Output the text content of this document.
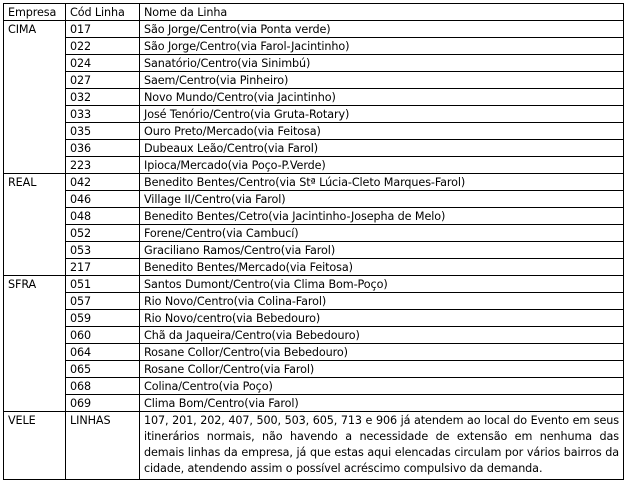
Empresa	Cód Linha	Nome da Linha
CIMA	017	São Jorge/Centro(via Ponta verde)
	022	São Jorge/Centro(via Farol-Jacintinho)
	024	Sanatório/Centro(via Sinimbú)
	027	Saem/Centro(via Pinheiro)
	032	Novo Mundo/Centro(via Jacintinho)
	033	José Tenório/Centro(via Gruta-Rotary)
	035	Ouro Preto/Mercado(via Feitosa)
	036	Dubeaux Leão/Centro(via Farol)
	223	Ipioca/Mercado(via Poço-P.Verde)
REAL	042	Benedito Bentes/Centro(via Stª Lúcia-Cleto Marques-Farol)
	046	Village II/Centro(via Farol)
	048	Benedito Bentes/Cetro(via Jacintinho-Josepha de Melo)
	052	Forene/Centro(via Cambucí)
	053	Graciliano Ramos/Centro(via Farol)
	217	Benedito Bentes/Mercado(via Feitosa)
SFRA	051	Santos Dumont/Centro(via Clima Bom-Poço)
	057	Rio Novo/Centro(via Colina-Farol)
	059	Rio Novo/centro(via Bebedouro)
	060	Chã da Jaqueira/Centro(via Bebedouro)
	064	Rosane Collor/Centro(via Bebedouro)
	065	Rosane Collor/Centro(via Farol)
	068	Colina/Centro(via Poço)
	069	Clima Bom/Centro(via Farol)
VELE	LINHAS	107, 201, 202, 407, 500, 503, 605, 713 e 906 já atendem ao local do Evento em seus itinerários normais, não havendo a necessidade de extensão em nenhuma das demais linhas da empresa, já que estas aqui elencadas circulam por vários bairros da cidade, atendendo assim o possível acréscimo compulsivo da demanda.
